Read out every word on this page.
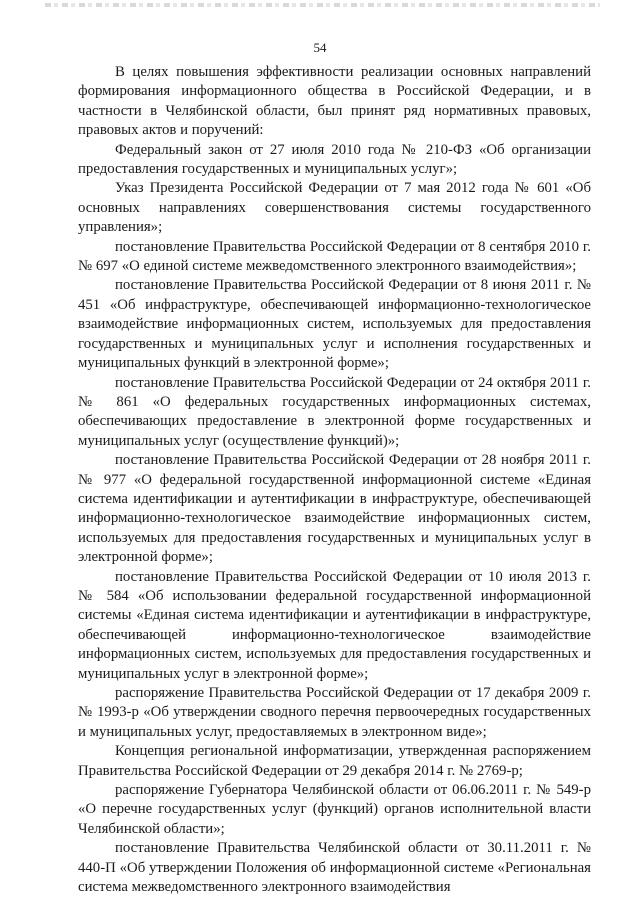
54

В целях повышения эффективности реализации основных направлений формирования информационного общества в Российской Федерации, и в частности в Челябинской области, был принят ряд нормативных правовых, правовых актов и поручений:

Федеральный закон от 27 июля 2010 года № 210-ФЗ «Об организации предоставления государственных и муниципальных услуг»;

Указ Президента Российской Федерации от 7 мая 2012 года № 601 «Об основных направлениях совершенствования системы государственного управления»;

постановление Правительства Российской Федерации от 8 сентября 2010 г. № 697 «О единой системе межведомственного электронного взаимодействия»;

постановление Правительства Российской Федерации от 8 июня 2011 г. № 451 «Об инфраструктуре, обеспечивающей информационно-технологическое взаимодействие информационных систем, используемых для предоставления государственных и муниципальных услуг и исполнения государственных и муниципальных функций в электронной форме»;

постановление Правительства Российской Федерации от 24 октября 2011 г. № 861 «О федеральных государственных информационных системах, обеспечивающих предоставление в электронной форме государственных и муниципальных услуг (осуществление функций)»;

постановление Правительства Российской Федерации от 28 ноября 2011 г. № 977 «О федеральной государственной информационной системе «Единая система идентификации и аутентификации в инфраструктуре, обеспечивающей информационно-технологическое взаимодействие информационных систем, используемых для предоставления государственных и муниципальных услуг в электронной форме»;

постановление Правительства Российской Федерации от 10 июля 2013 г. № 584 «Об использовании федеральной государственной информационной системы «Единая система идентификации и аутентификации в инфраструктуре, обеспечивающей информационно-технологическое взаимодействие информационных систем, используемых для предоставления государственных и муниципальных услуг в электронной форме»;

распоряжение Правительства Российской Федерации от 17 декабря 2009 г. № 1993-р «Об утверждении сводного перечня первоочередных государственных и муниципальных услуг, предоставляемых в электронном виде»;

Концепция региональной информатизации, утвержденная распоряжением Правительства Российской Федерации от 29 декабря 2014 г. № 2769-р;

распоряжение Губернатора Челябинской области от 06.06.2011 г. № 549-р «О перечне государственных услуг (функций) органов исполнительной власти Челябинской области»;

постановление Правительства Челябинской области от 30.11.2011 г. № 440-П «Об утверждении Положения об информационной системе «Региональная система межведомственного электронного взаимодействия
